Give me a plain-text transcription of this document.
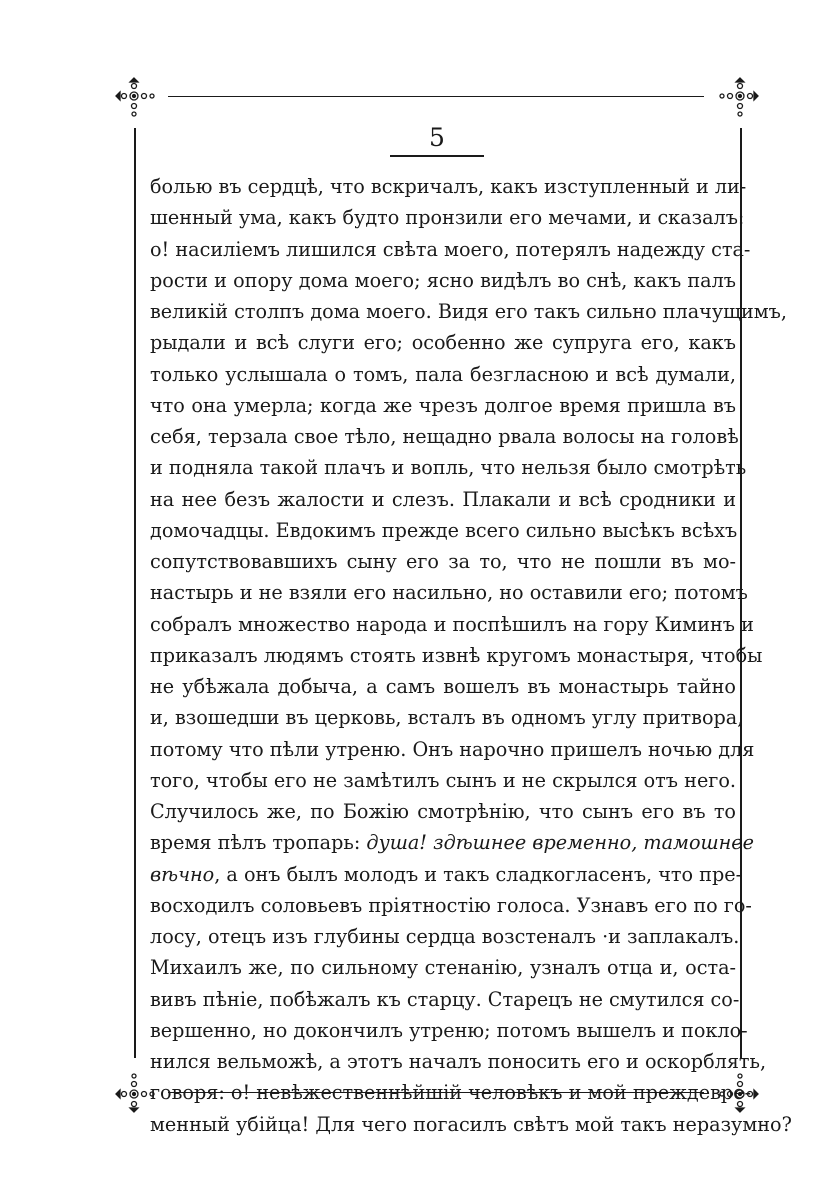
5
болью въ сердцѣ, что вскричалъ, какъ изступленный и ли-
шенный ума, какъ будто пронзили его мечами, и сказалъ:
о! насиліемъ лишился свѣта моего, потерялъ надежду ста-
рости и опору дома моего; ясно видѣлъ во снѣ, какъ палъ
великій столпъ дома моего. Видя его такъ сильно плачущимъ,
рыдали и всѣ слуги его; особенно же супруга его, какъ
только услышала о томъ, пала безгласною и всѣ думали,
что она умерла; когда же чрезъ долгое время пришла въ
себя, терзала свое тѣло, нещадно рвала волосы на головѣ
и подняла такой плачъ и вопль, что нельзя было смотрѣть
на нее безъ жалости и слезъ. Плакали и всѣ сродники и
домочадцы. Евдокимъ прежде всего сильно высѣкъ всѣхъ
сопутствовавшихъ сыну его за то, что не пошли въ мо-
настырь и не взяли его насильно, но оставили его; потомъ
собралъ множество народа и поспѣшилъ на гору Киминъ и
приказалъ людямъ стоять извнѣ кругомъ монастыря, чтобы
не убѣжала добыча, а самъ вошелъ въ монастырь тайно
и, взошедши въ церковь, всталъ въ одномъ углу притвора,
потому что пѣли утреню. Онъ нарочно пришелъ ночью для
того, чтобы его не замѣтилъ сынъ и не скрылся отъ него.
Случилось же, по Божію смотрѣнію, что сынъ его въ то
время пѣлъ тропарь: душа! здѣшнее временно, тамошнее
вѣчно, а онъ былъ молодъ и такъ сладкогласенъ, что пре-
восходилъ соловьевъ пріятностію голоса. Узнавъ его по го-
лосу, отецъ изъ глубины сердца возстеналъ ·и заплакалъ.
Михаилъ же, по сильному стенанію, узналъ отца и, оста-
вивъ пѣніе, побѣжалъ къ старцу. Старецъ не смутился со-
вершенно, но докончилъ утреню; потомъ вышелъ и покло-
нился вельможѣ, а этотъ началъ поносить его и оскорблять,
говоря: о! невѣжественнѣйшій человѣкъ и мой преждевре-
менный убійца! Для чего погасилъ свѣтъ мой такъ неразумно?
